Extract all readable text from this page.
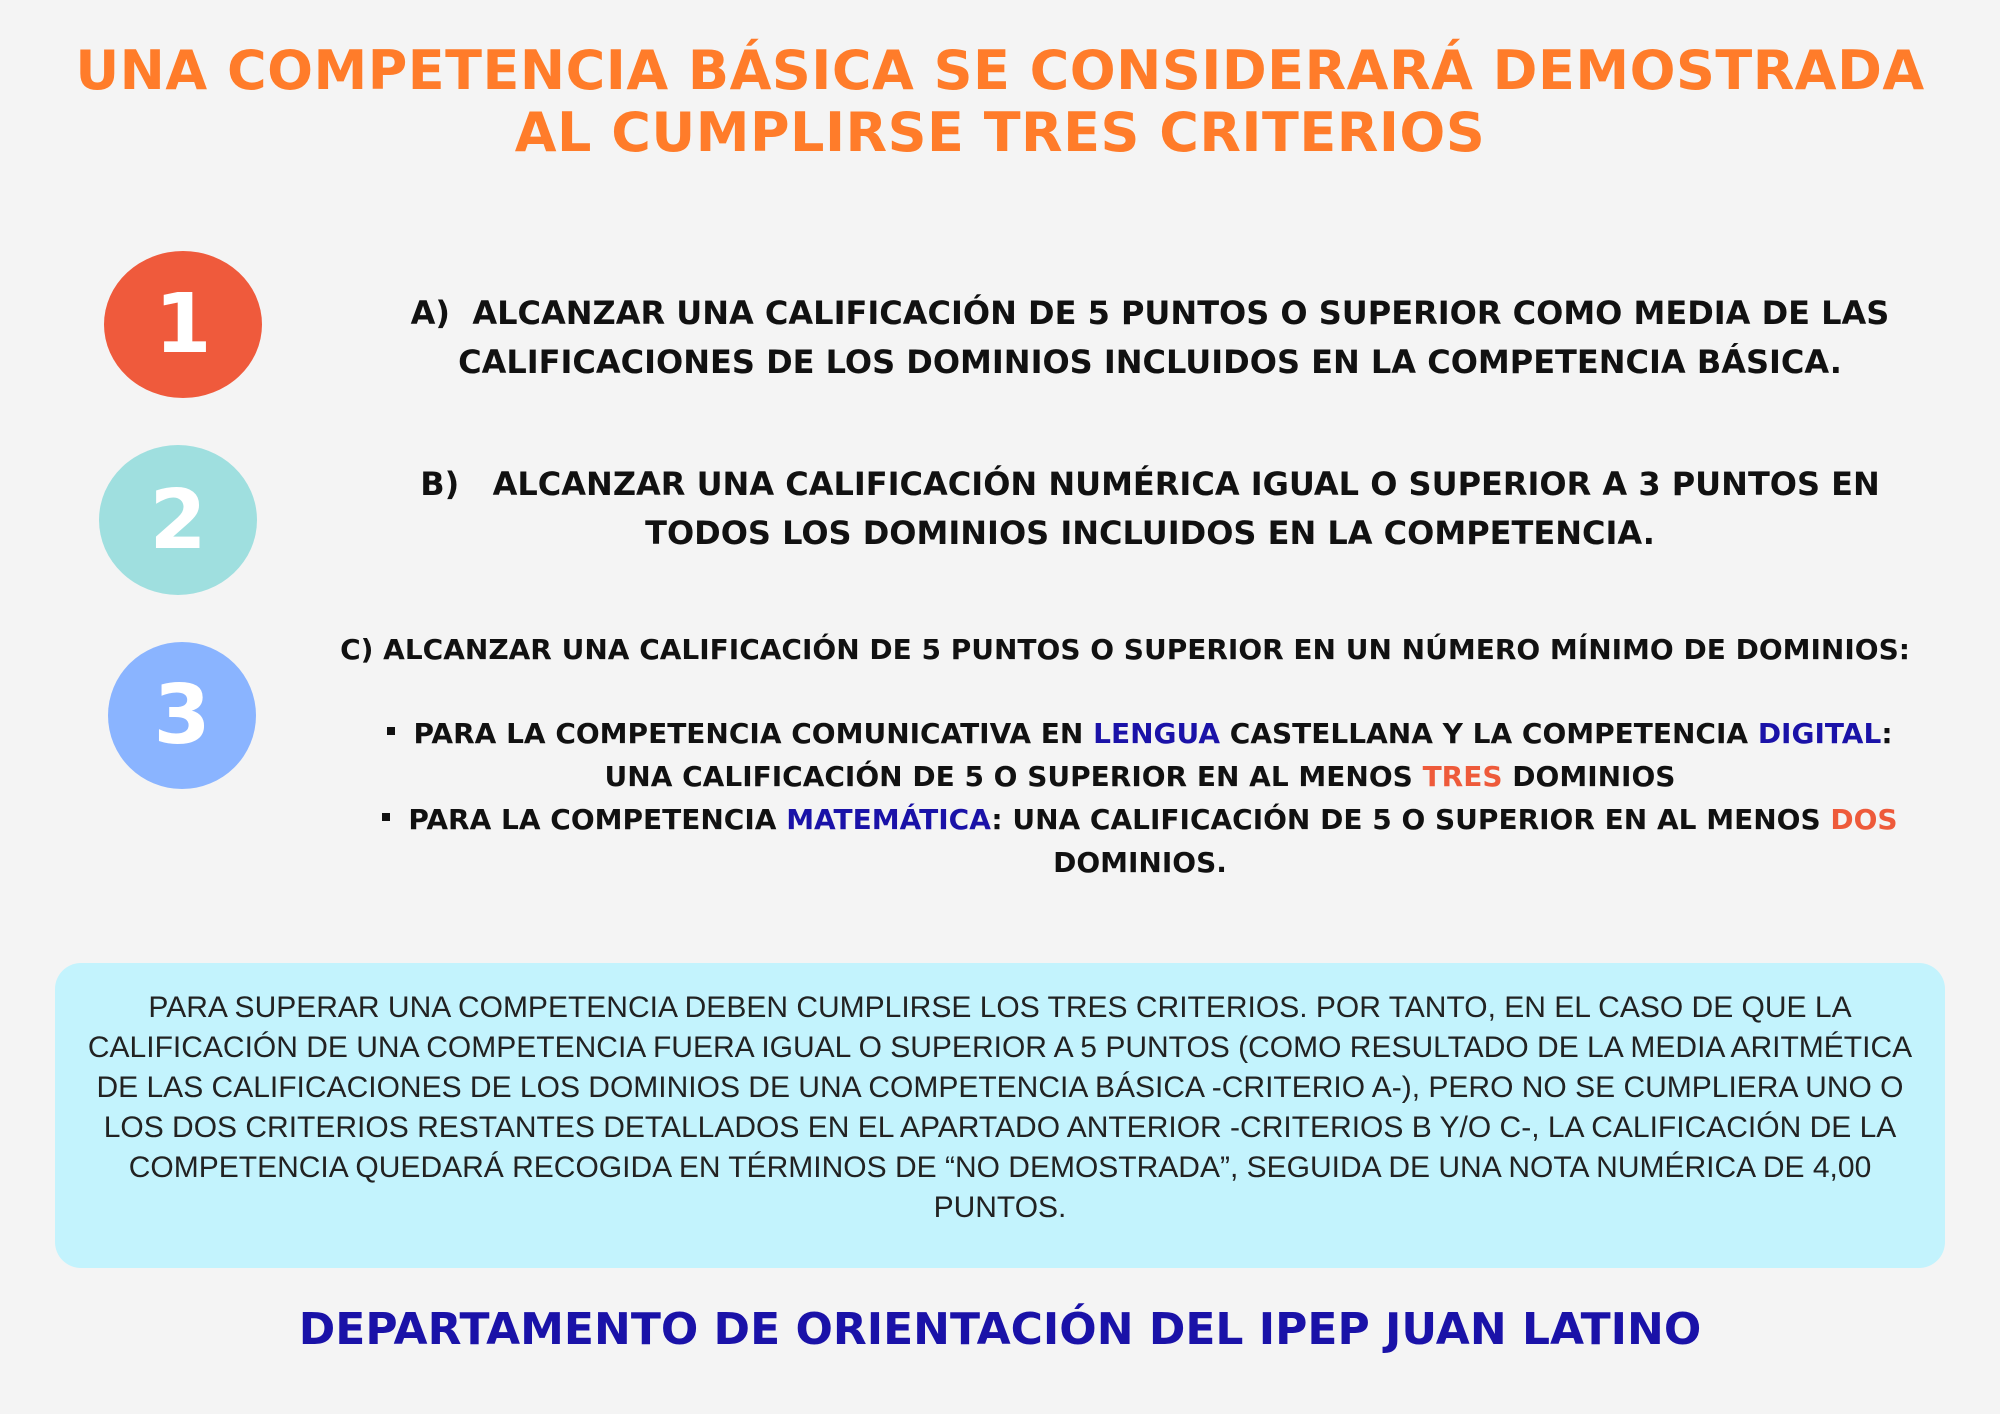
UNA COMPETENCIA BÁSICA SE CONSIDERARÁ DEMOSTRADA
AL CUMPLIRSE TRES CRITERIOS
1
2
3

A)  ALCANZAR UNA CALIFICACIÓN DE 5 PUNTOS O SUPERIOR COMO MEDIA DE LAS
CALIFICACIONES DE LOS DOMINIOS INCLUIDOS EN LA COMPETENCIA BÁSICA.

B)   ALCANZAR UNA CALIFICACIÓN NUMÉRICA IGUAL O SUPERIOR A 3 PUNTOS EN
TODOS LOS DOMINIOS INCLUIDOS EN LA COMPETENCIA.

C) ALCANZAR UNA CALIFICACIÓN DE 5 PUNTOS O SUPERIOR EN UN NÚMERO MÍNIMO DE DOMINIOS:

PARA LA COMPETENCIA COMUNICATIVA EN LENGUA CASTELLANA Y LA COMPETENCIA DIGITAL:
UNA CALIFICACIÓN DE 5 O SUPERIOR EN AL MENOS TRES DOMINIOS
PARA LA COMPETENCIA MATEMÁTICA: UNA CALIFICACIÓN DE 5 O SUPERIOR EN AL MENOS DOS
DOMINIOS.

PARA SUPERAR UNA COMPETENCIA DEBEN CUMPLIRSE LOS TRES CRITERIOS. POR TANTO, EN EL CASO DE QUE LA CALIFICACIÓN DE UNA COMPETENCIA FUERA IGUAL O SUPERIOR A 5 PUNTOS (COMO RESULTADO DE LA MEDIA ARITMÉTICA DE LAS CALIFICACIONES DE LOS DOMINIOS DE UNA COMPETENCIA BÁSICA -CRITERIO A-), PERO NO SE CUMPLIERA UNO O LOS DOS CRITERIOS RESTANTES DETALLADOS EN EL APARTADO ANTERIOR -CRITERIOS B Y/O C-, LA CALIFICACIÓN DE LA COMPETENCIA QUEDARÁ RECOGIDA EN TÉRMINOS DE “NO DEMOSTRADA”, SEGUIDA DE UNA NOTA NUMÉRICA DE 4,00 PUNTOS.

DEPARTAMENTO DE ORIENTACIÓN DEL IPEP JUAN LATINO
